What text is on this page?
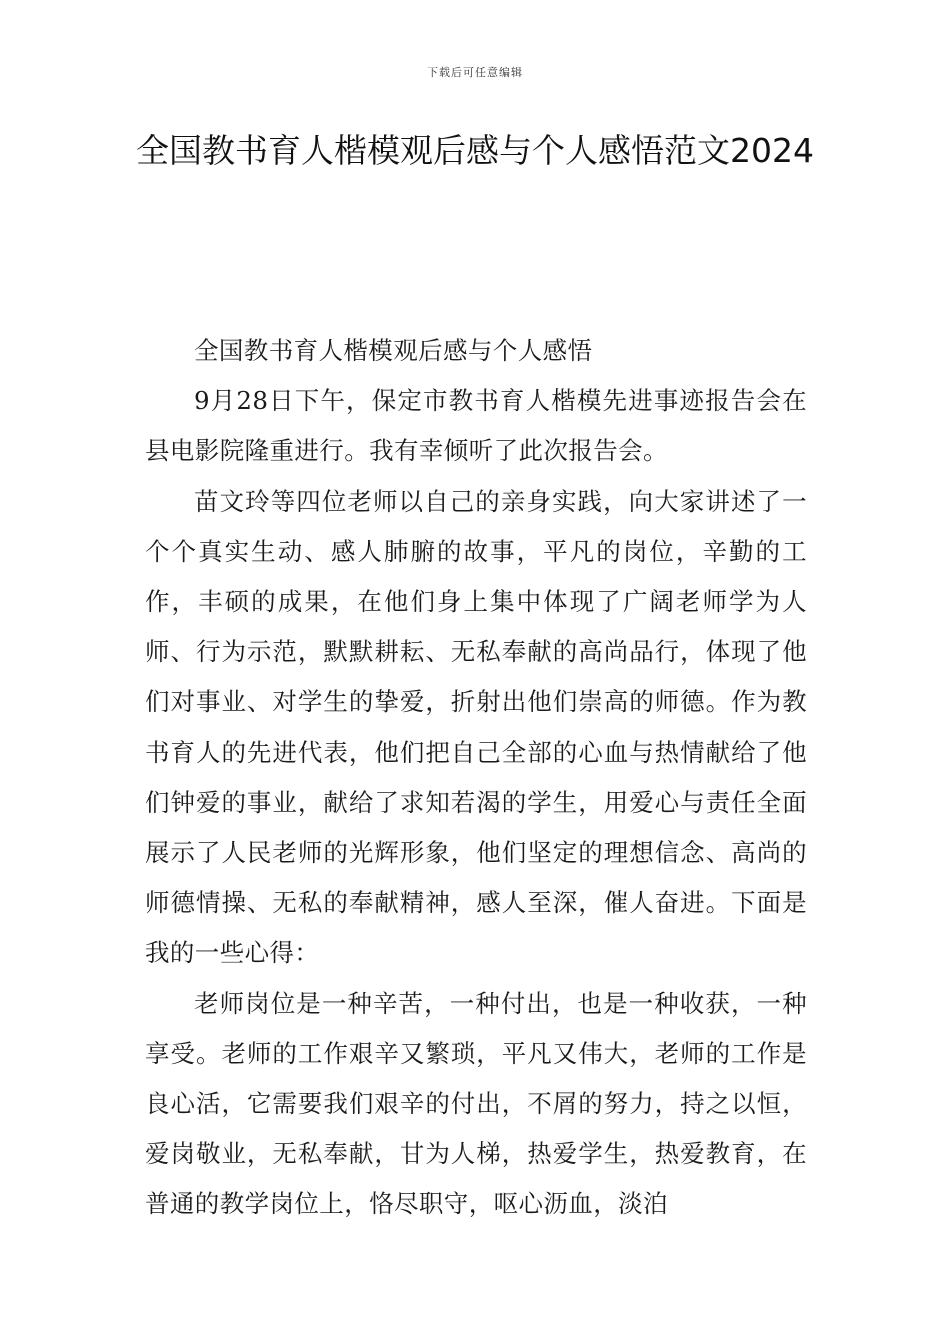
下载后可任意编辑
全国教书育人楷模观后感与个人感悟范文2024

全国教书育人楷模观后感与个人感悟

9月28日下午，保定市教书育人楷模先进事迹报告会在县电影院隆重进行。我有幸倾听了此次报告会。

苗文玲等四位老师以自己的亲身实践，向大家讲述了一个个真实生动、感人肺腑的故事，平凡的岗位，辛勤的工作，丰硕的成果，在他们身上集中体现了广阔老师学为人师、行为示范，默默耕耘、无私奉献的高尚品行，体现了他们对事业、对学生的挚爱，折射出他们崇高的师德。作为教书育人的先进代表，他们把自己全部的心血与热情献给了他们钟爱的事业，献给了求知若渴的学生，用爱心与责任全面展示了人民老师的光辉形象，他们坚定的理想信念、高尚的师德情操、无私的奉献精神，感人至深，催人奋进。下面是我的一些心得：

老师岗位是一种辛苦，一种付出，也是一种收获，一种享受。老师的工作艰辛又繁琐，平凡又伟大，老师的工作是良心活，它需要我们艰辛的付出，不屑的努力，持之以恒，爱岗敬业，无私奉献，甘为人梯，热爱学生，热爱教育，在普通的教学岗位上，恪尽职守，呕心沥血，淡泊
